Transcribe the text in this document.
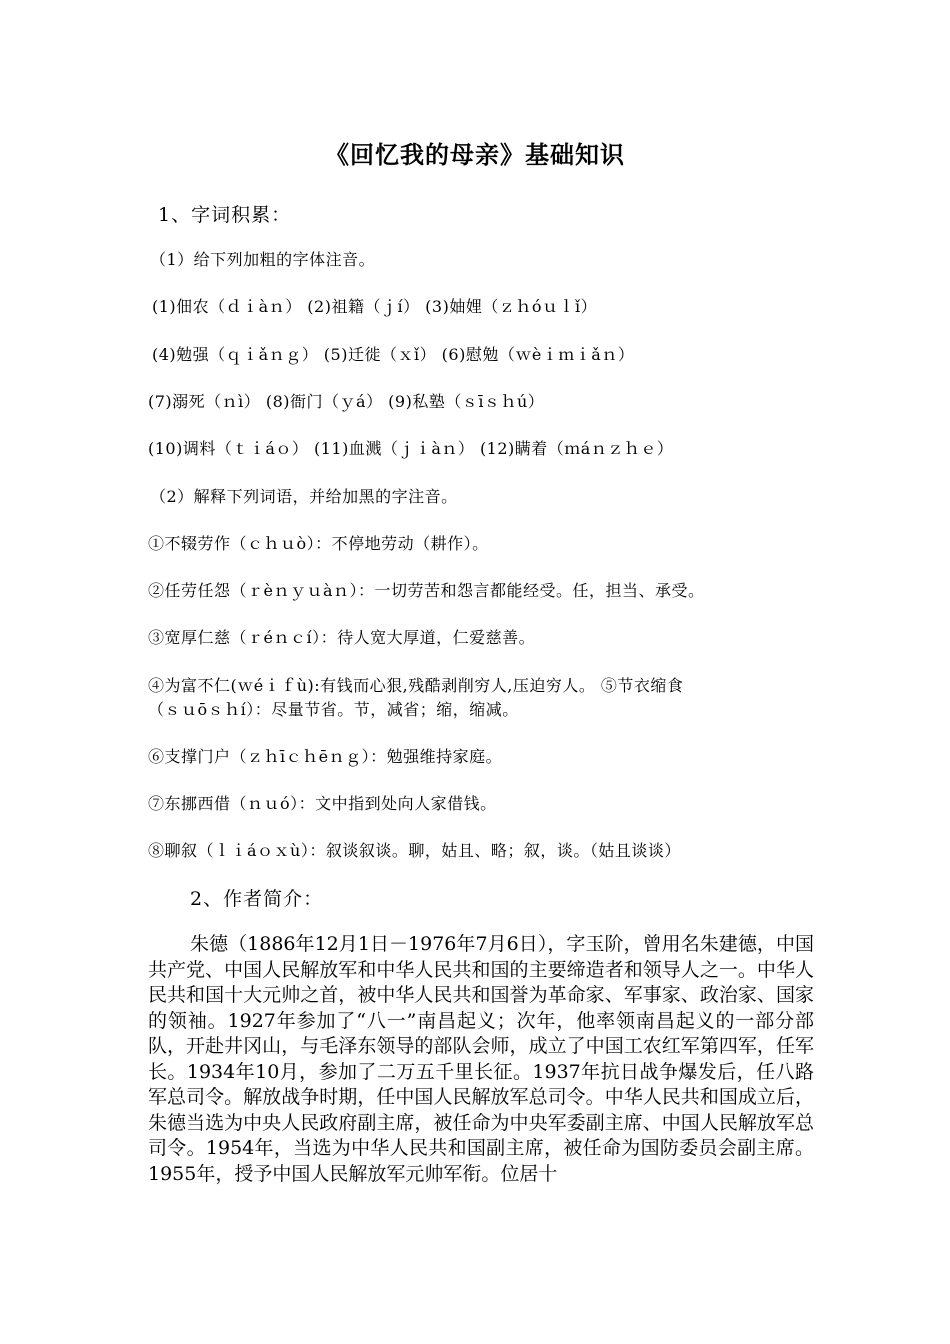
《回忆我的母亲》基础知识
1、字词积累：
（1）给下列加粗的字体注音。
(1)佃农（ｄｉàｎ） (2)祖籍（ｊí） (3)妯娌（ｚｈóｕｌǐ）
(4)勉强（ｑｉǎｎｇ） (5)迁徙（ｘǐ） (6)慰勉（ｗèｉｍｉǎｎ）
(7)溺死（ｎì） (8)衙门（ｙá） (9)私塾（ｓīｓｈú）
(10)调料（ｔｉáｏ） (11)血溅（ｊｉàｎ） (12)瞒着（ｍáｎｚｈｅ）
（2）解释下列词语，并给加黑的字注音。
①不辍劳作（ｃｈｕò）：不停地劳动（耕作）。
②任劳任怨（ｒèｎｙｕàｎ）：一切劳苦和怨言都能经受。任，担当、承受。
③宽厚仁慈（ｒéｎｃí）：待人宽大厚道，仁爱慈善。
④为富不仁(ｗéｉｆù):有钱而心狠,残酷剥削穷人,压迫穷人。 ⑤节衣缩食
（ｓｕōｓｈí）：尽量节省。节，减省；缩，缩减。
⑥支撑门户（ｚｈīｃｈēｎｇ）：勉强维持家庭。
⑦东挪西借（ｎｕó）：文中指到处向人家借钱。
⑧聊叙（ｌｉáｏｘù）：叙谈叙谈。聊，姑且、略；叙，谈。（姑且谈谈）
2、作者简介：
朱德（1886年12月1日－1976年7月6日），字玉阶，曾用名朱建德，中国共产党、中国人民解放军和中华人民共和国的主要缔造者和领导人之一。中华人民共和国十大元帅之首，被中华人民共和国誉为革命家、军事家、政治家、国家的领袖。1927年参加了“八一”南昌起义；次年，他率领南昌起义的一部分部队，开赴井冈山，与毛泽东领导的部队会师，成立了中国工农红军第四军，任军长。1934年10月，参加了二万五千里长征。1937年抗日战争爆发后，任八路军总司令。解放战争时期，任中国人民解放军总司令。中华人民共和国成立后，朱德当选为中央人民政府副主席，被任命为中央军委副主席、中国人民解放军总司令。1954年，当选为中华人民共和国副主席，被任命为国防委员会副主席。1955年，授予中国人民解放军元帅军衔。位居十
